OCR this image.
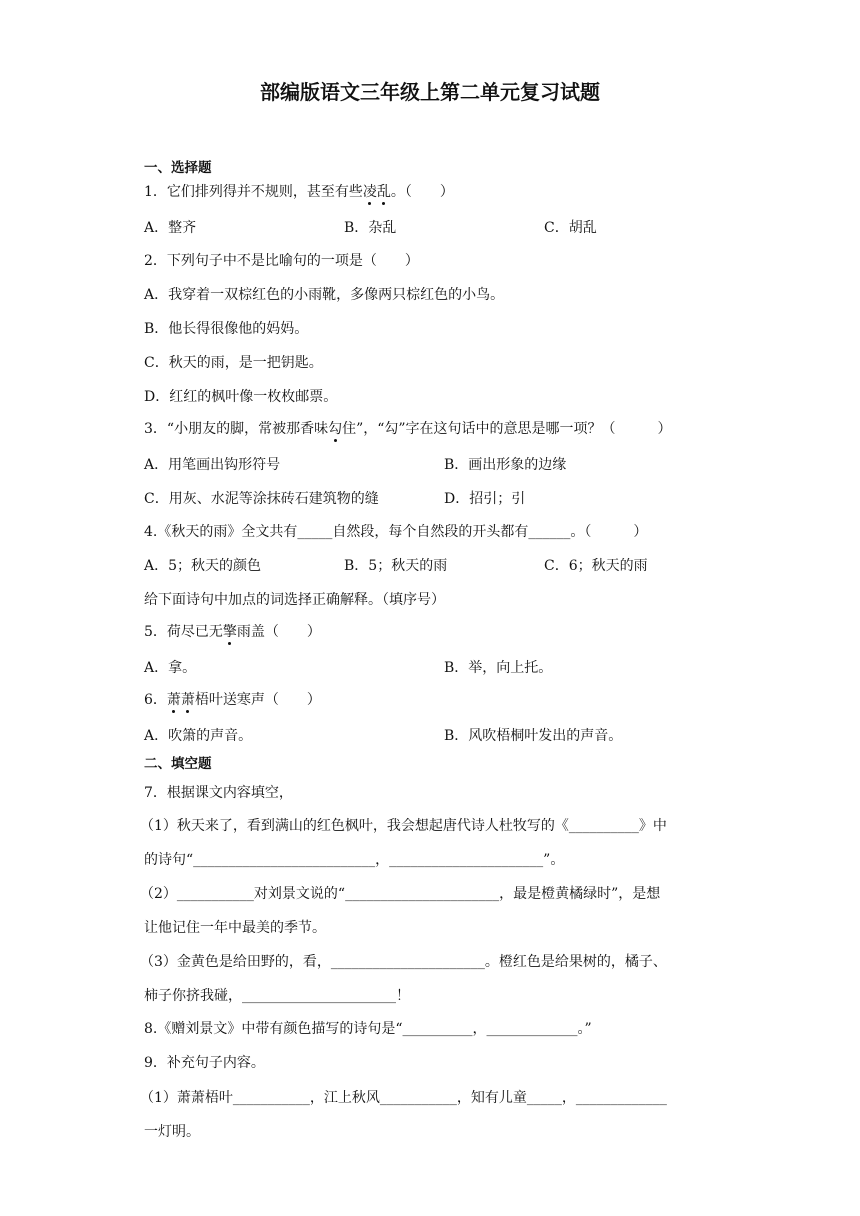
部编版语文三年级上第二单元复习试题
一、选择题
1．它们排列得并不规则，甚至有些凌乱。（　　）
A．整齐	B．杂乱	C．胡乱
2．下列句子中不是比喻句的一项是（　　）
A．我穿着一双棕红色的小雨靴，多像两只棕红色的小鸟。
B．他长得很像他的妈妈。
C．秋天的雨，是一把钥匙。
D．红红的枫叶像一枚枚邮票。
3．“小朋友的脚，常被那香味勾住”，“勾”字在这句话中的意思是哪一项？（　　　）
A．用笔画出钩形符号	B．画出形象的边缘
C．用灰、水泥等涂抹砖石建筑物的缝	D．招引；引
4.《秋天的雨》全文共有_____自然段，每个自然段的开头都有______。（　　　）
A．5；秋天的颜色	B．5；秋天的雨	C．6；秋天的雨
给下面诗句中加点的词选择正确解释。（填序号）
5．荷尽已无擎雨盖（　　）
A．拿。	B．举，向上托。
6．萧萧梧叶送寒声（　　）
A．吹箫的声音。	B．风吹梧桐叶发出的声音。
二、填空题
7．根据课文内容填空，
（1）秋天来了，看到满山的红色枫叶，我会想起唐代诗人杜牧写的《__________》中
的诗句“__________________________，______________________”。
（2）___________对刘景文说的“______________________，最是橙黄橘绿时”，是想
让他记住一年中最美的季节。
（3）金黄色是给田野的，看，______________________。橙红色是给果树的，橘子、
柿子你挤我碰，______________________！
8.《赠刘景文》中带有颜色描写的诗句是“__________，_____________。”
9．补充句子内容。
（1）萧萧梧叶___________，江上秋风___________，知有儿童_____，_____________
一灯明。
